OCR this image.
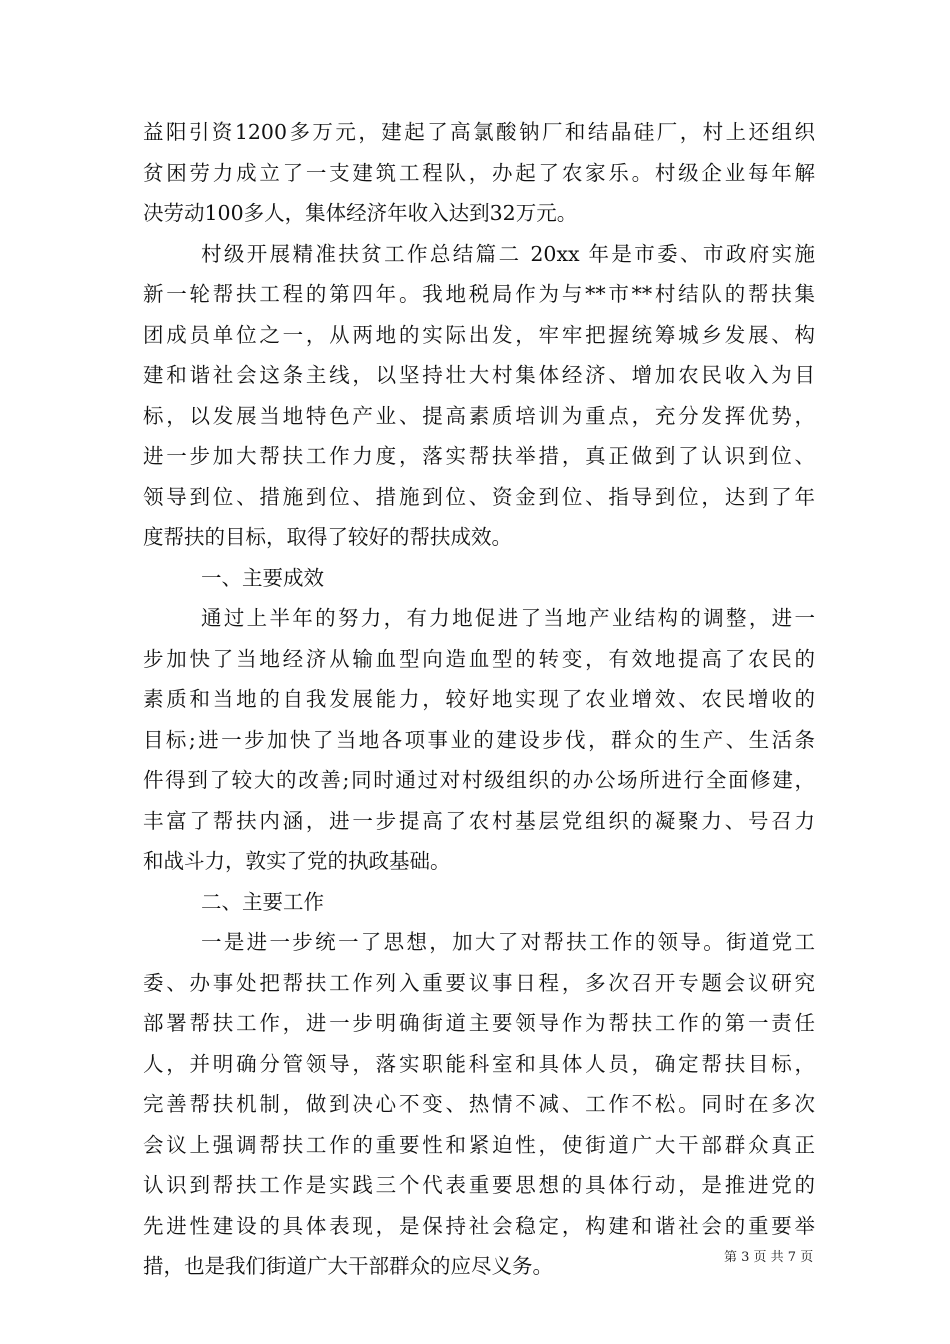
益阳引资1200多万元，建起了高氯酸钠厂和结晶硅厂，村上还组织
贫困劳力成立了一支建筑工程队，办起了农家乐。村级企业每年解
决劳动100多人，集体经济年收入达到32万元。
村级开展精准扶贫工作总结篇二 20xx 年是市委、市政府实施
新一轮帮扶工程的第四年。我地税局作为与**市**村结队的帮扶集
团成员单位之一，从两地的实际出发，牢牢把握统筹城乡发展、构
建和谐社会这条主线，以坚持壮大村集体经济、增加农民收入为目
标，以发展当地特色产业、提高素质培训为重点，充分发挥优势，
进一步加大帮扶工作力度，落实帮扶举措，真正做到了认识到位、
领导到位、措施到位、措施到位、资金到位、指导到位，达到了年
度帮扶的目标，取得了较好的帮扶成效。
一、主要成效
通过上半年的努力，有力地促进了当地产业结构的调整，进一
步加快了当地经济从输血型向造血型的转变，有效地提高了农民的
素质和当地的自我发展能力，较好地实现了农业增效、农民增收的
目标;进一步加快了当地各项事业的建设步伐，群众的生产、生活条
件得到了较大的改善;同时通过对村级组织的办公场所进行全面修建，
丰富了帮扶内涵，进一步提高了农村基层党组织的凝聚力、号召力
和战斗力，敦实了党的执政基础。
二、主要工作
一是进一步统一了思想，加大了对帮扶工作的领导。街道党工
委、办事处把帮扶工作列入重要议事日程，多次召开专题会议研究
部署帮扶工作，进一步明确街道主要领导作为帮扶工作的第一责任
人，并明确分管领导，落实职能科室和具体人员，确定帮扶目标，
完善帮扶机制，做到决心不变、热情不减、工作不松。同时在多次
会议上强调帮扶工作的重要性和紧迫性，使街道广大干部群众真正
认识到帮扶工作是实践三个代表重要思想的具体行动，是推进党的
先进性建设的具体表现，是保持社会稳定，构建和谐社会的重要举
措，也是我们街道广大干部群众的应尽义务。	第 3 页 共 7 页
